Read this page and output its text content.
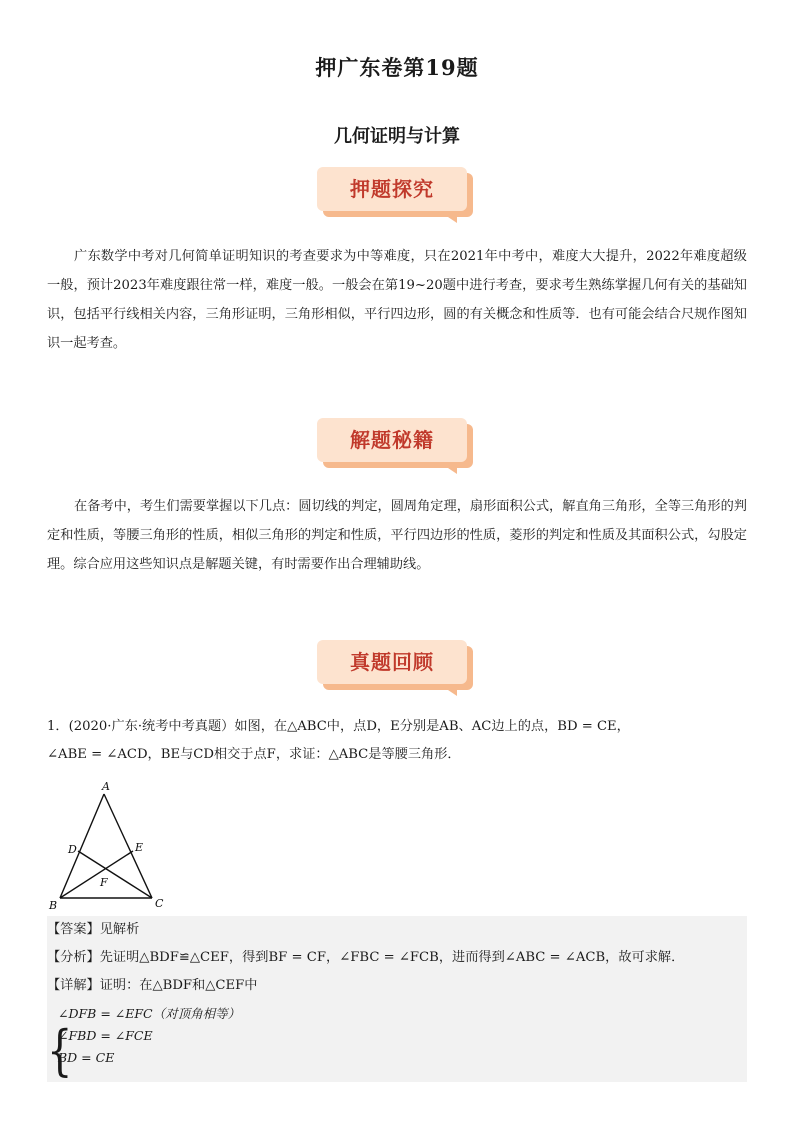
押广东卷第19题
几何证明与计算
押题探究
广东数学中考对几何简单证明知识的考查要求为中等难度，只在2021年中考中，难度大大提升，2022年难度超级一般，预计2023年难度跟往常一样，难度一般。一般会在第19~20题中进行考查，要求考生熟练掌握几何有关的基础知识，包括平行线相关内容，三角形证明，三角形相似，平行四边形，圆的有关概念和性质等．也有可能会结合尺规作图知识一起考查。
解题秘籍
在备考中，考生们需要掌握以下几点：圆切线的判定，圆周角定理，扇形面积公式，解直角三角形，全等三角形的判定和性质，等腰三角形的性质，相似三角形的判定和性质，平行四边形的性质，菱形的判定和性质及其面积公式，勾股定理。综合应用这些知识点是解题关键，有时需要作出合理辅助线。
真题回顾
1．(2020·广东·统考中考真题）如图，在△ABC中，点D，E分别是AB、AC边上的点，BD = CE，
∠ABE = ∠ACD，BE与CD相交于点F，求证：△ABC是等腰三角形．
A
B	C
D	E
F
【答案】见解析
【分析】先证明△BDF≌△CEF，得到BF = CF，∠FBC = ∠FCB，进而得到∠ABC = ∠ACB，故可求解．
【详解】证明：在△BDF和△CEF中
{
∠DFB = ∠EFC（对顶角相等）
∠FBD = ∠FCE
BD = CE
